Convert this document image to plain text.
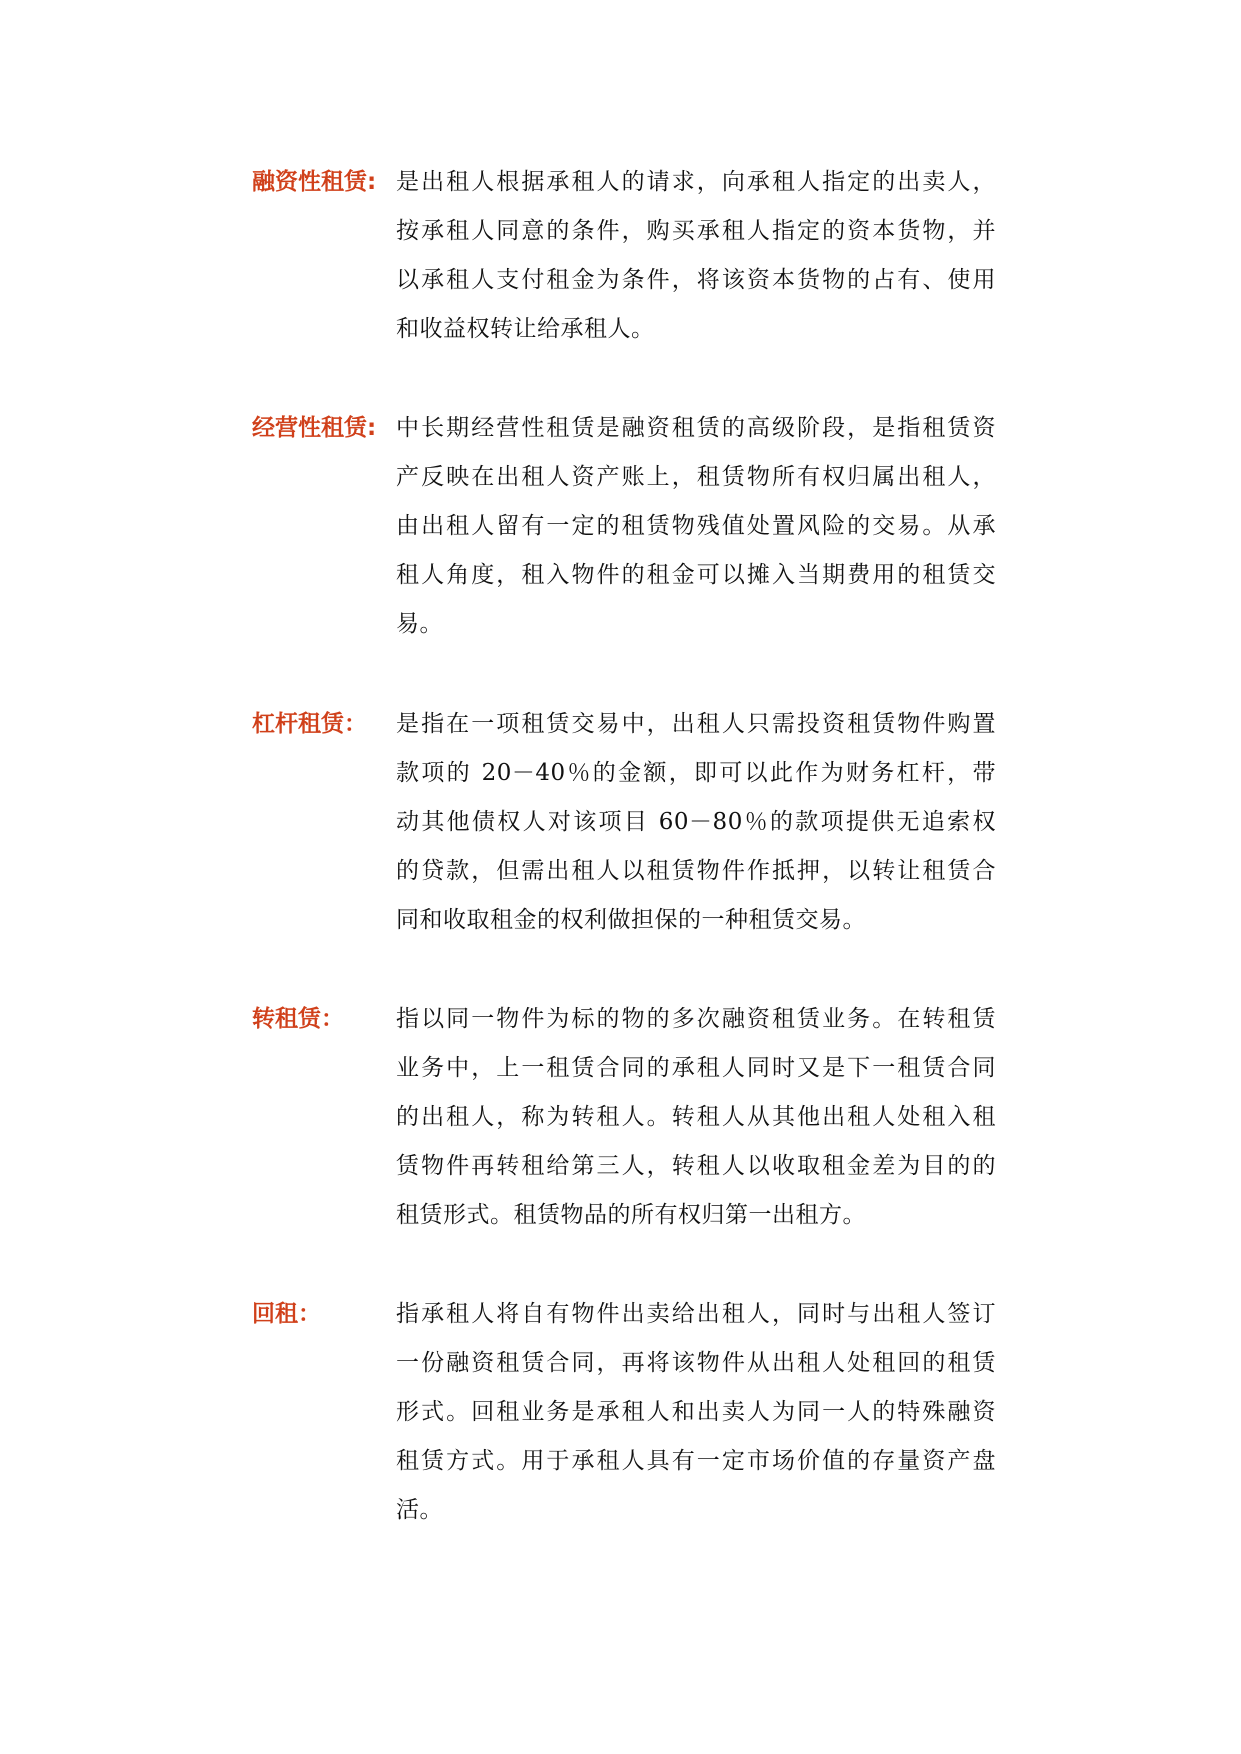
融资性租赁: 是出租人根据承租人的请求，向承租人指定的出卖人，
按承租人同意的条件，购买承租人指定的资本货物，并
以承租人支付租金为条件，将该资本货物的占有、使用
和收益权转让给承租人。
经营性租赁: 中长期经营性租赁是融资租赁的高级阶段，是指租赁资
产反映在出租人资产账上，租赁物所有权归属出租人，
由出租人留有一定的租赁物残值处置风险的交易。从承
租人角度，租入物件的租金可以摊入当期费用的租赁交
易。
杠杆租赁： 是指在一项租赁交易中，出租人只需投资租赁物件购置
款项的 20－40％的金额，即可以此作为财务杠杆，带
动其他债权人对该项目 60－80％的款项提供无追索权
的贷款，但需出租人以租赁物件作抵押，以转让租赁合
同和收取租金的权利做担保的一种租赁交易。
转租赁： 指以同一物件为标的物的多次融资租赁业务。在转租赁
业务中，上一租赁合同的承租人同时又是下一租赁合同
的出租人，称为转租人。转租人从其他出租人处租入租
赁物件再转租给第三人，转租人以收取租金差为目的的
租赁形式。租赁物品的所有权归第一出租方。
回租：	指承租人将自有物件出卖给出租人，同时与出租人签订
一份融资租赁合同，再将该物件从出租人处租回的租赁
形式。回租业务是承租人和出卖人为同一人的特殊融资
租赁方式。用于承租人具有一定市场价值的存量资产盘
活。
